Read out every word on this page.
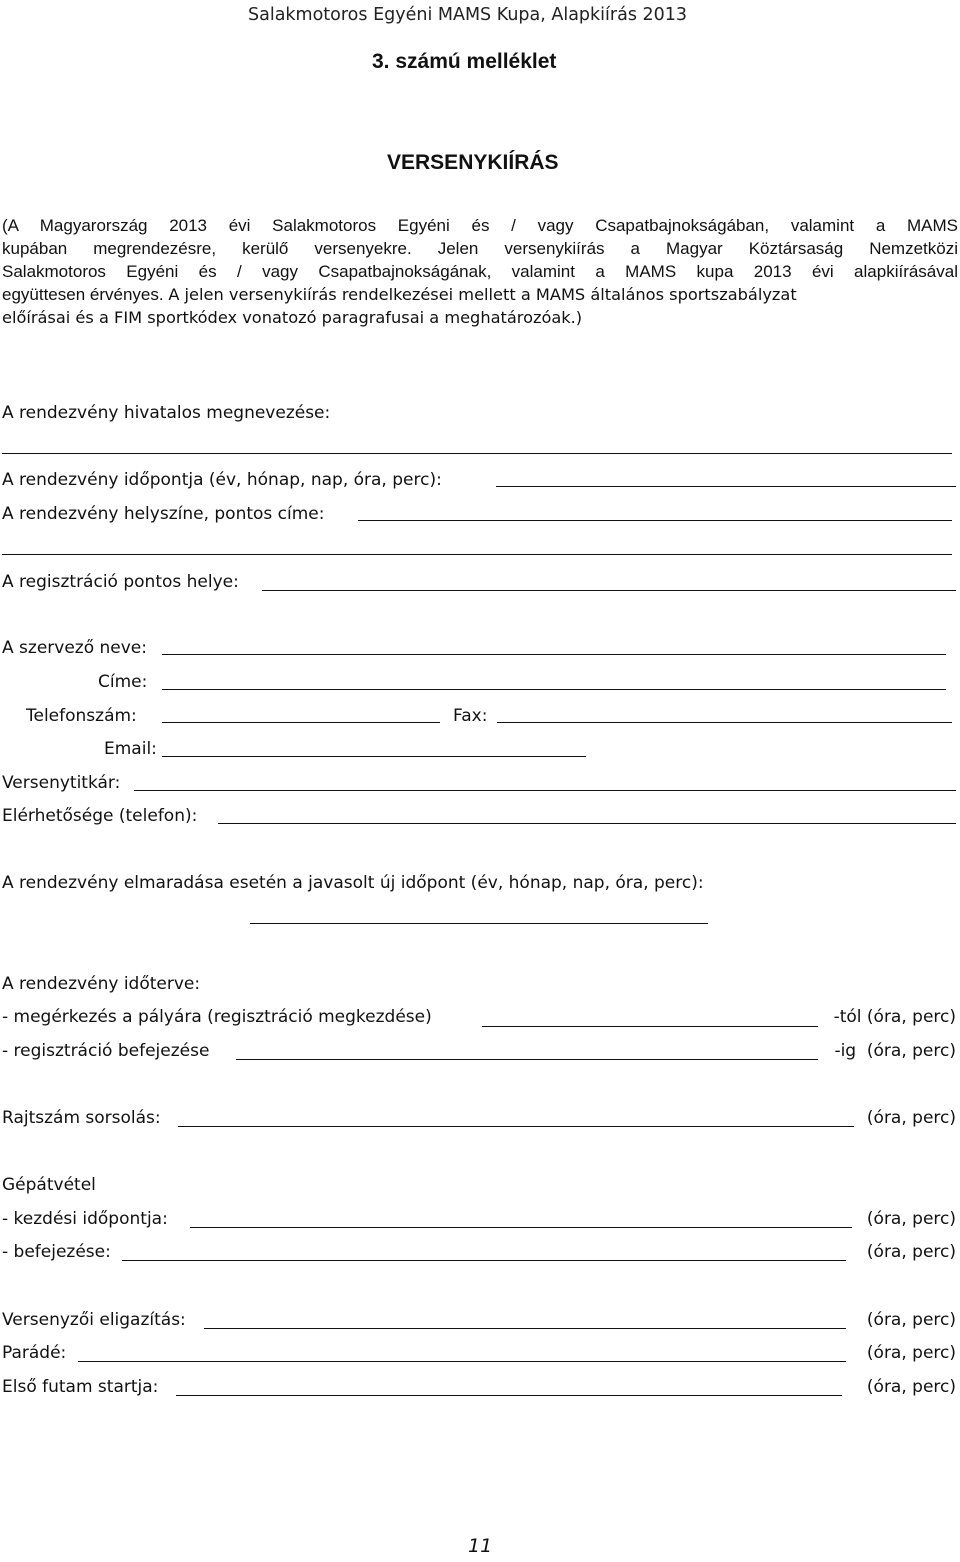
Salakmotoros Egyéni MAMS Kupa, Alapkiírás 2013
3. számú melléklet
VERSENYKIÍRÁS
(A Magyarország 2013 évi Salakmotoros Egyéni és / vagy Csapatbajnokságában, valamint a MAMS
kupában megrendezésre, kerülő versenyekre. Jelen versenykiírás a Magyar Köztársaság Nemzetközi
Salakmotoros Egyéni és / vagy Csapatbajnokságának, valamint a MAMS kupa 2013 évi alapkiírásával
együttesen érvényes. A jelen versenykiírás rendelkezései mellett a MAMS általános sportszabályzat
előírásai és a FIM sportkódex vonatozó paragrafusai a meghatározóak.)
A rendezvény hivatalos megnevezése:
A rendezvény időpontja (év, hónap, nap, óra, perc):
A rendezvény helyszíne, pontos címe:
A regisztráció pontos helye:
A szervező neve:
Címe:
Telefonszám:	Fax:
Email:
Versenytitkár:
Elérhetősége (telefon):
A rendezvény elmaradása esetén a javasolt új időpont (év, hónap, nap, óra, perc):
A rendezvény időterve:
- megérkezés a pályára (regisztráció megkezdése)	-tól (óra, perc)
- regisztráció befejezése	-ig  (óra, perc)
Rajtszám sorsolás:	(óra, perc)
Gépátvétel
- kezdési időpontja:	(óra, perc)
- befejezése:	(óra, perc)
Versenyzői eligazítás:	(óra, perc)
Parádé:	(óra, perc)
Első futam startja:	(óra, perc)
11
